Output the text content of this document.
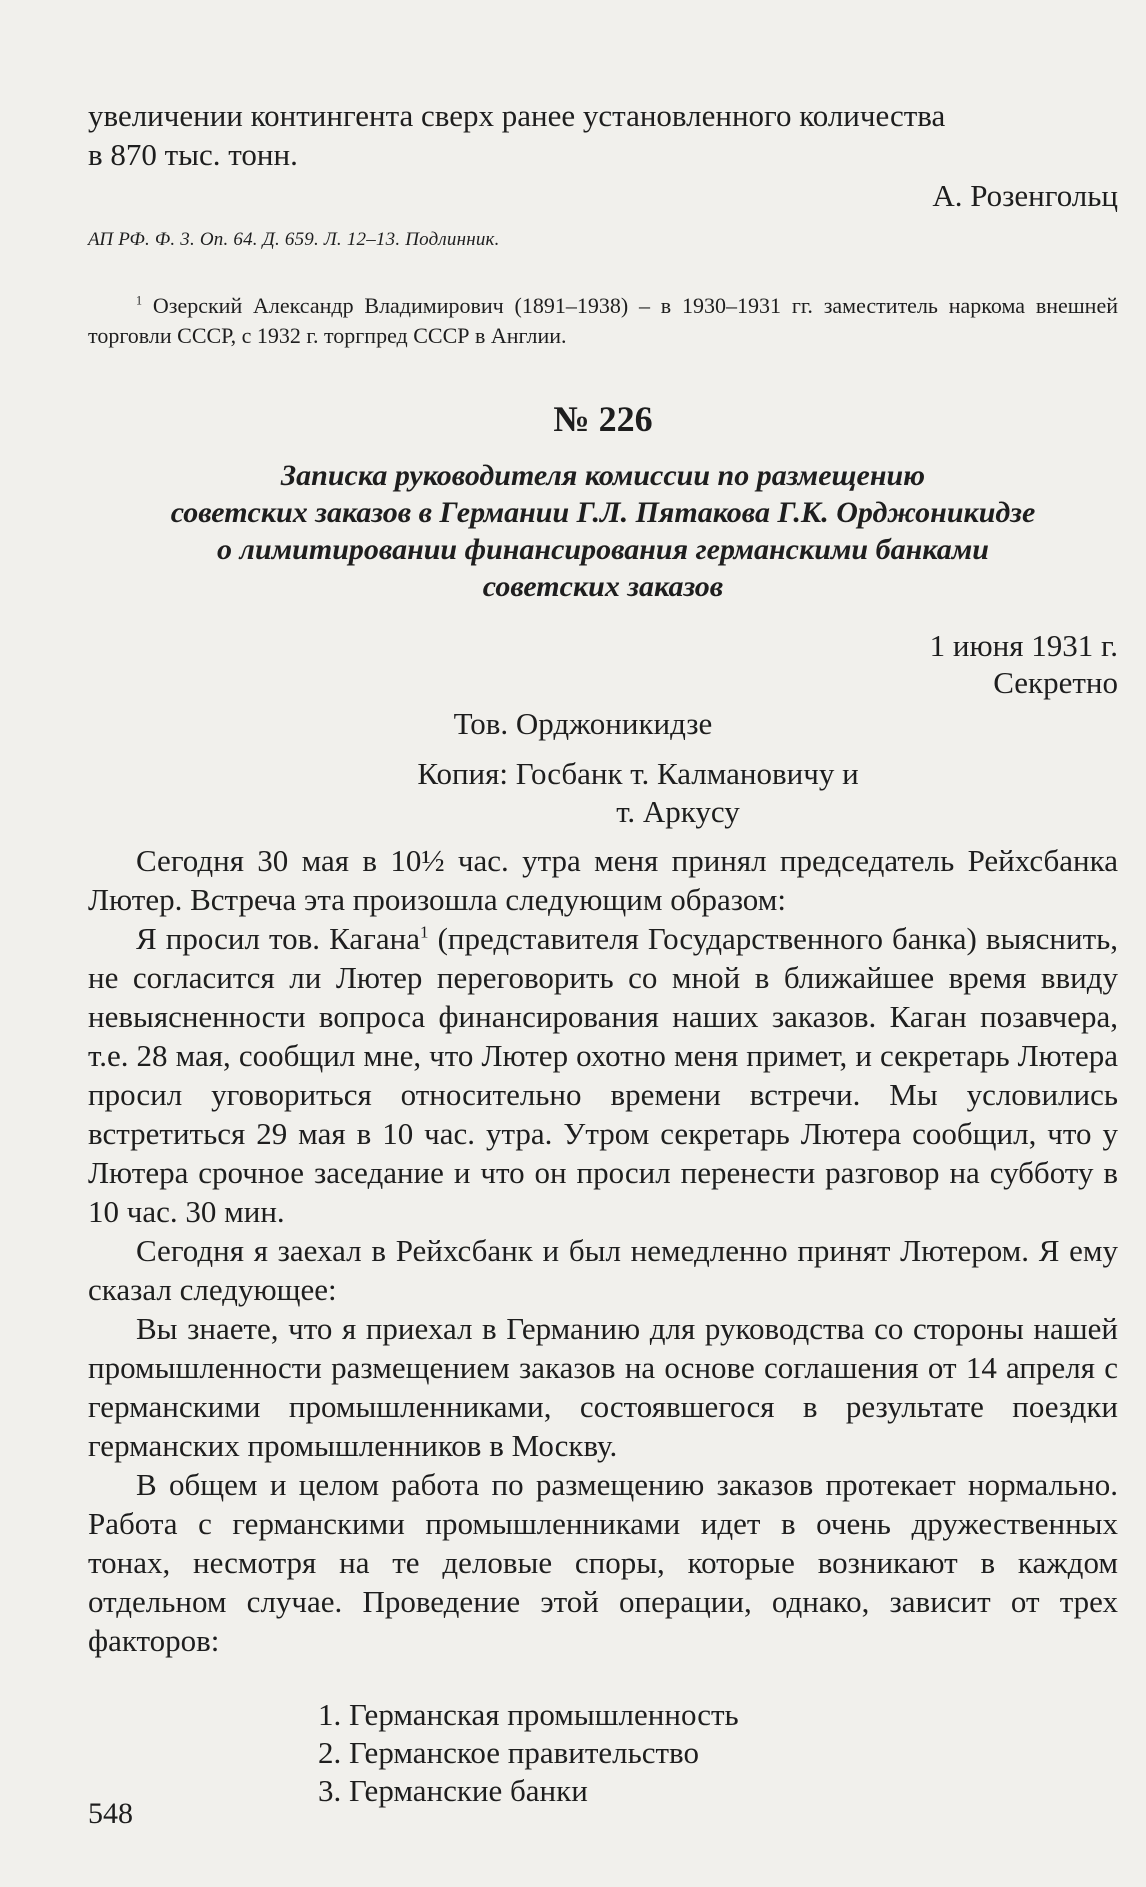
увеличении контингента сверх ранее установленного количества
в 870 тыс. тонн.

А. Розенгольц

АП РФ. Ф. 3. Оп. 64. Д. 659. Л. 12–13. Подлинник.

$^1$ Озерский Александр Владимирович (1891–1938) – в 1930–1931 гг. заместитель наркома внешней торговли СССР, с 1932 г. торгпред СССР в Англии.

№ 226

Записка руководителя комиссии по размещению
советских заказов в Германии Г.Л. Пятакова Г.К. Орджоникидзе
о лимитировании финансирования германскими банками
советских заказов

1 июня 1931 г.

Секретно

Тов. Орджоникидзе

Копия: Госбанк т. Калмановичу и

т. Аркусу

Сегодня 30 мая в 10½ час. утра меня принял председатель Рейхсбанка Лютер. Встреча эта произошла следующим образом:

Я просил тов. Кагана$^1$ (представителя Государственного банка) выяснить, не согласится ли Лютер переговорить со мной в ближайшее время ввиду невыясненности вопроса финансирования наших заказов. Каган позавчера, т.е. 28 мая, сообщил мне, что Лютер охотно меня примет, и секретарь Лютера просил уговориться относительно времени встречи. Мы условились встретиться 29 мая в 10 час. утра. Утром секретарь Лютера сообщил, что у Лютера срочное заседание и что он просил перенести разговор на субботу в 10 час. 30 мин.

Сегодня я заехал в Рейхсбанк и был немедленно принят Лютером. Я ему сказал следующее:

Вы знаете, что я приехал в Германию для руководства со стороны нашей промышленности размещением заказов на основе соглашения от 14 апреля с германскими промышленниками, состоявшегося в результате поездки германских промышленников в Москву.

В общем и целом работа по размещению заказов протекает нормально. Работа с германскими промышленниками идет в очень дружественных тонах, несмотря на те деловые споры, которые возникают в каждом отдельном случае. Проведение этой операции, однако, зависит от трех факторов:

1. Германская промышленность
2. Германское правительство
3. Германские банки
548
